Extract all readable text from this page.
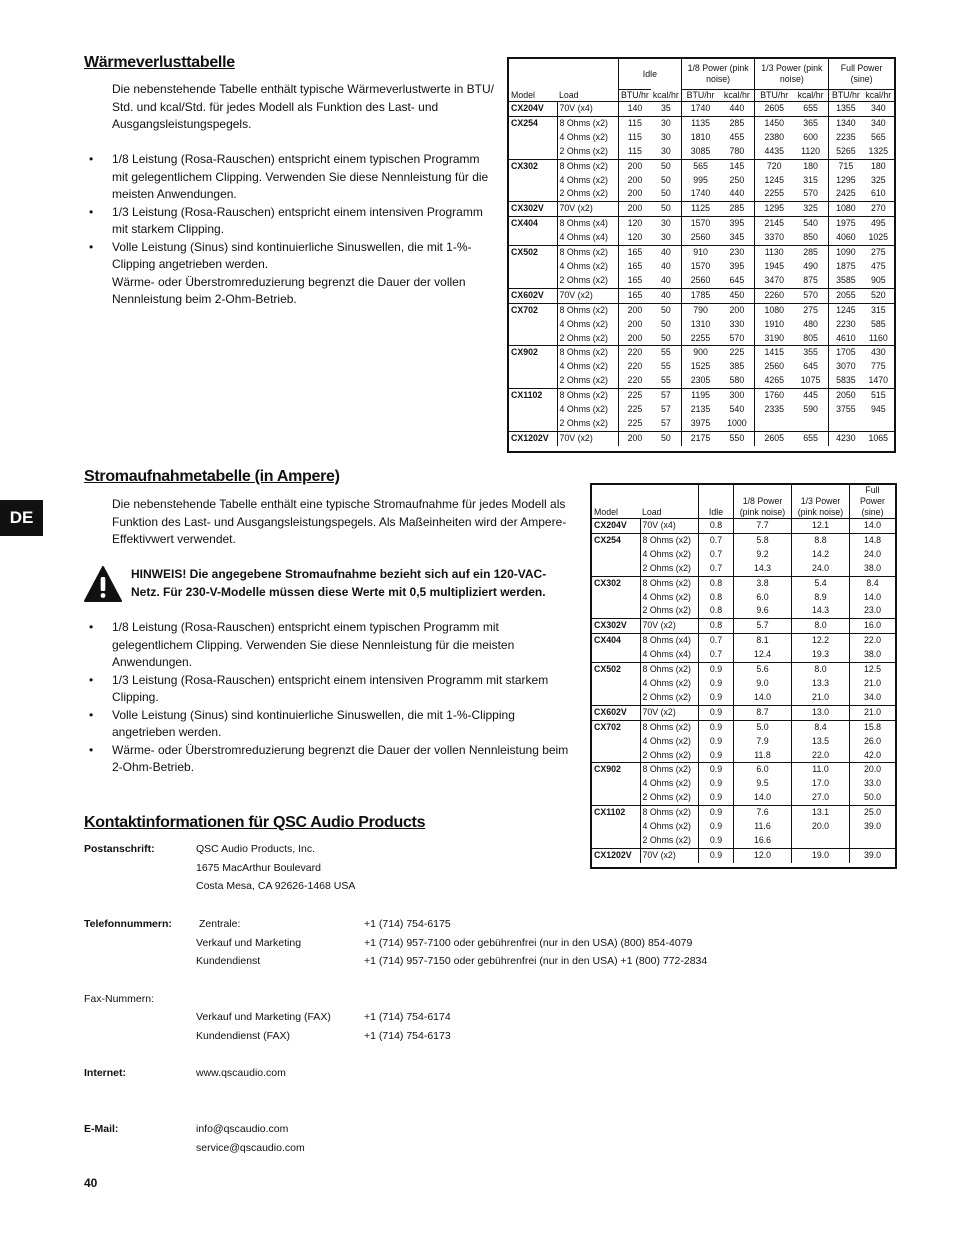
DE
Wärmeverlusttabelle
Die nebenstehende Tabelle enthält typische Wärmeverlustwerte in BTU/ Std. und kcal/Std. für jedes Modell als Funktion des Last- und Ausgangsleistungspegels.
• 1/8 Leistung (Rosa-Rauschen) entspricht einem typischen Programm mit gelegentlichem Clipping. Verwenden Sie diese Nennleistung für die meisten Anwendungen.
• 1/3 Leistung (Rosa-Rauschen) entspricht einem intensiven Programm mit starkem Clipping.
• Volle Leistung (Sinus) sind kontinuierliche Sinuswellen, die mit 1-%-Clipping angetrieben werden.
Wärme- oder Überstromreduzierung begrenzt die Dauer der vollen Nennleistung beim 2-Ohm-Betrieb.
Model	Load	Idle		1/8 Power (pink noise)		1/3 Power (pink noise)		Full Power (sine)	
		BTU/hr	kcal/hr	BTU/hr	kcal/hr	BTU/hr	kcal/hr	BTU/hr	kcal/hr
CX204V	70V (x4)	140	35	1740	440	2605	655	1355	340
CX254	8 Ohms (x2)	115	30	1135	285	1450	365	1340	340
	4 Ohms (x2)	115	30	1810	455	2380	600	2235	565
	2 Ohms (x2)	115	30	3085	780	4435	1120	5265	1325
CX302	8 Ohms (x2)	200	50	565	145	720	180	715	180
	4 Ohms (x2)	200	50	995	250	1245	315	1295	325
	2 Ohms (x2)	200	50	1740	440	2255	570	2425	610
CX302V	70V (x2)	200	50	1125	285	1295	325	1080	270
CX404	8 Ohms (x4)	120	30	1570	395	2145	540	1975	495
	4 Ohms (x4)	120	30	2560	345	3370	850	4060	1025
CX502	8 Ohms (x2)	165	40	910	230	1130	285	1090	275
	4 Ohms (x2)	165	40	1570	395	1945	490	1875	475
	2 Ohms (x2)	165	40	2560	645	3470	875	3585	905
CX602V	70V (x2)	165	40	1785	450	2260	570	2055	520
CX702	8 Ohms (x2)	200	50	790	200	1080	275	1245	315
	4 Ohms (x2)	200	50	1310	330	1910	480	2230	585
	2 Ohms (x2)	200	50	2255	570	3190	805	4610	1160
CX902	8 Ohms (x2)	220	55	900	225	1415	355	1705	430
	4 Ohms (x2)	220	55	1525	385	2560	645	3070	775
	2 Ohms (x2)	220	55	2305	580	4265	1075	5835	1470
CX1102	8 Ohms (x2)	225	57	1195	300	1760	445	2050	515
	4 Ohms (x2)	225	57	2135	540	2335	590	3755	945
	2 Ohms (x2)	225	57	3975	1000				
CX1202V	70V (x2)	200	50	2175	550	2605	655	4230	1065
Stromaufnahmetabelle (in Ampere)
Die nebenstehende Tabelle enthält eine typische Stromaufnahme für jedes Modell als Funktion des Last- und Ausgangsleistungspegels. Als Maßeinheiten wird der Ampere-Effektivwert verwendet.
HINWEIS! Die angegebene Stromaufnahme bezieht sich auf ein 120-VAC-Netz. Für 230-V-Modelle müssen diese Werte mit 0,5 multipliziert werden.
• 1/8 Leistung (Rosa-Rauschen) entspricht einem typischen Programm mit gelegentlichem Clipping. Verwenden Sie diese Nennleistung für die meisten Anwendungen.
• 1/3 Leistung (Rosa-Rauschen) entspricht einem intensiven Programm mit starkem Clipping.
• Volle Leistung (Sinus) sind kontinuierliche Sinuswellen, die mit 1-%-Clipping angetrieben werden.
• Wärme- oder Überstromreduzierung begrenzt die Dauer der vollen Nennleistung beim 2-Ohm-Betrieb.
Model	Load	Idle	1/8 Power (pink noise)	1/3 Power (pink noise)	Full Power (sine)
CX204V	70V (x4)	0.8	7.7	12.1	14.0
CX254	8 Ohms (x2)	0.7	5.8	8.8	14.8
	4 Ohms (x2)	0.7	9.2	14.2	24.0
	2 Ohms (x2)	0.7	14.3	24.0	38.0
CX302	8 Ohms (x2)	0.8	3.8	5.4	8.4
	4 Ohms (x2)	0.8	6.0	8.9	14.0
	2 Ohms (x2)	0.8	9.6	14.3	23.0
CX302V	70V (x2)	0.8	5.7	8.0	16.0
CX404	8 Ohms (x4)	0.7	8.1	12.2	22.0
	4 Ohms (x4)	0.7	12.4	19.3	38.0
CX502	8 Ohms (x2)	0.9	5.6	8.0	12.5
	4 Ohms (x2)	0.9	9.0	13.3	21.0
	2 Ohms (x2)	0.9	14.0	21.0	34.0
CX602V	70V (x2)	0.9	8.7	13.0	21.0
CX702	8 Ohms (x2)	0.9	5.0	8.4	15.8
	4 Ohms (x2)	0.9	7.9	13.5	26.0
	2 Ohms (x2)	0.9	11.8	22.0	42.0
CX902	8 Ohms (x2)	0.9	6.0	11.0	20.0
	4 Ohms (x2)	0.9	9.5	17.0	33.0
	2 Ohms (x2)	0.9	14.0	27.0	50.0
CX1102	8 Ohms (x2)	0.9	7.6	13.1	25.0
	4 Ohms (x2)	0.9	11.6	20.0	39.0
	2 Ohms (x2)	0.9	16.6		
CX1202V	70V (x2)	0.9	12.0	19.0	39.0
Kontaktinformationen für QSC Audio Products
Postanschrift:	QSC Audio Products, Inc.
1675 MacArthur Boulevard
Costa Mesa, CA 92626-1468 USA
Telefonnummern:	Zentrale:	+1 (714) 754-6175
Verkauf und Marketing	+1 (714) 957-7100 oder gebührenfrei (nur in den USA) (800) 854-4079
Kundendienst	+1 (714) 957-7150 oder gebührenfrei (nur in den USA) +1 (800) 772-2834
Fax-Nummern:
Verkauf und Marketing (FAX)	+1 (714) 754-6174
Kundendienst (FAX)	+1 (714) 754-6173
Internet:	www.qscaudio.com
E-Mail:	info@qscaudio.com
service@qscaudio.com
40
